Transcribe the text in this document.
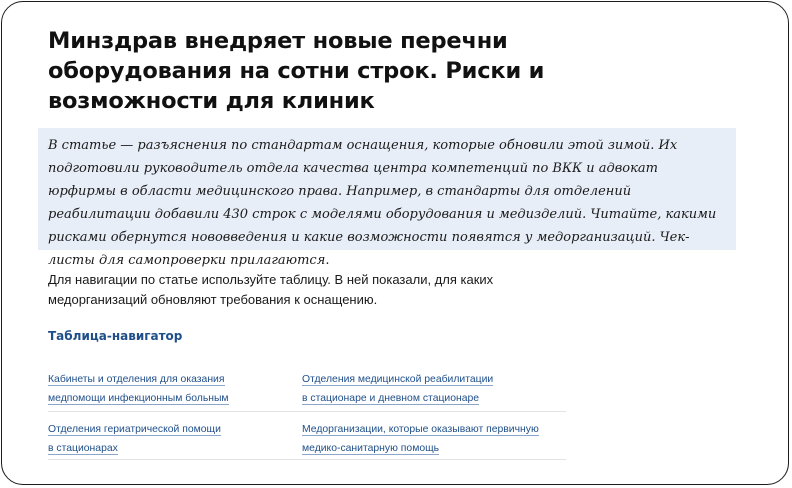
Минздрав внедряет новые перечни оборудования на сотни строк. Риски и возможности для клиник
В статье — разъяснения по стандартам оснащения, которые обновили этой зимой. Их подготовили руководитель отдела качества центра компетенций по ВКК и адвокат юрфирмы в области медицинского права. Например, в стандарты для отделений реабилитации добавили 430 строк с моделями оборудования и медизделий. Читайте, какими рисками обернутся нововведения и какие возможности появятся у медорганизаций. Чек-листы для самопроверки прилагаются.

Для навигации по статье используйте таблицу. В ней показали, для каких медорганизаций обновляют требования к оснащению.

Таблица-навигатор
Кабинеты и отделения для оказания
медпомощи инфекционным больным
Отделения медицинской реабилитации
в стационаре и дневном стационаре
Отделения гериатрической помощи
в стационарах
Медорганизации, которые оказывают первичную
медико-санитарную помощь
